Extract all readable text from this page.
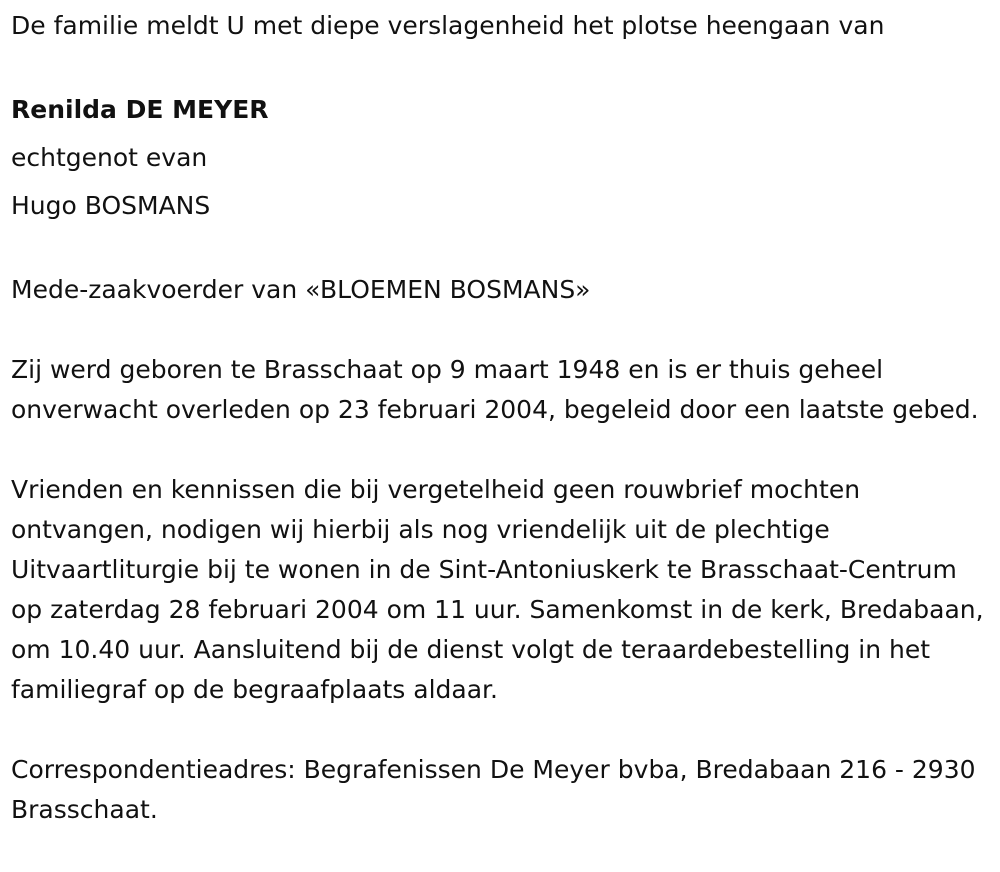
De familie meldt U met diepe verslagenheid het plotse heengaan van

Renilda DE MEYER

echtgenot evan

Hugo BOSMANS

Mede-zaakvoerder van «BLOEMEN BOSMANS»

Zij werd geboren te Brasschaat op 9 maart 1948 en is er thuis geheel onverwacht overleden op 23 februari 2004, begeleid door een laatste gebed.

Vrienden en kennissen die bij vergetelheid geen rouwbrief mochten ontvangen, nodigen wij hierbij als nog vriendelijk uit de plechtige Uitvaartliturgie bij te wonen in de Sint-Antoniuskerk te Brasschaat-Centrum op zaterdag 28 februari 2004 om 11 uur. Samenkomst in de kerk, Bredabaan, om 10.40 uur. Aansluitend bij de dienst volgt de teraardebestelling in het familiegraf op de begraafplaats aldaar.

Correspondentieadres: Begrafenissen De Meyer bvba, Bredabaan 216 - 2930 Brasschaat.
